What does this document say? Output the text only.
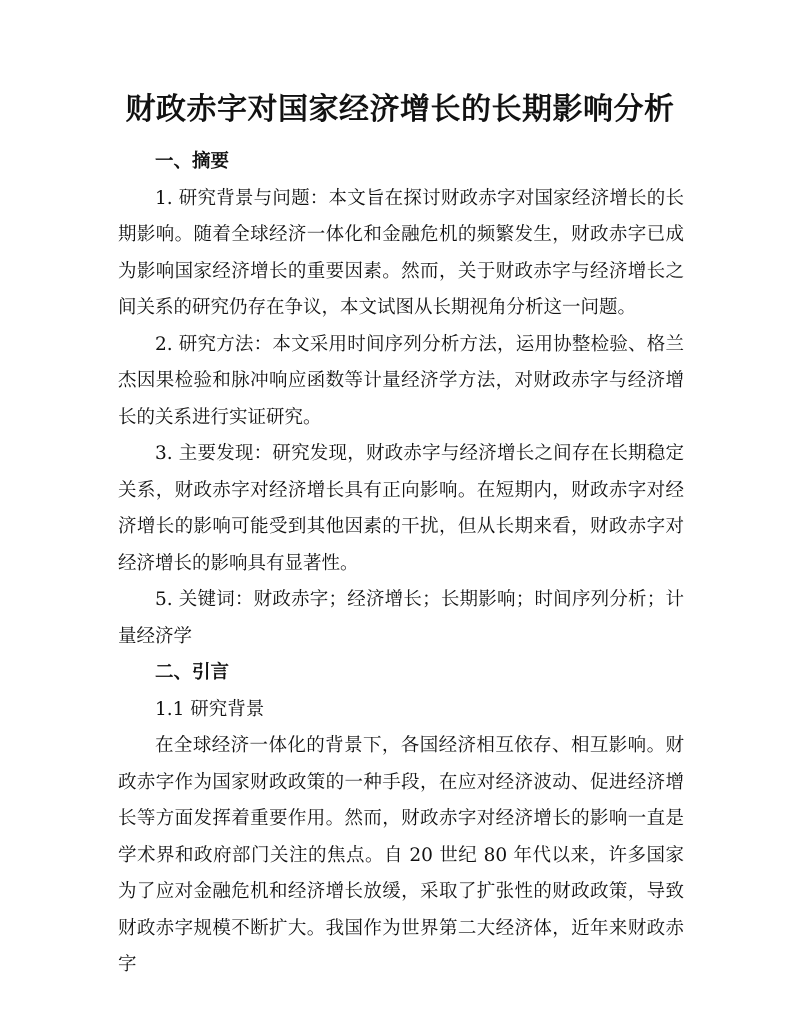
财政赤字对国家经济增长的长期影响分析

一、摘要

1. 研究背景与问题：本文旨在探讨财政赤字对国家经济增长的长期影响。随着全球经济一体化和金融危机的频繁发生，财政赤字已成为影响国家经济增长的重要因素。然而，关于财政赤字与经济增长之间关系的研究仍存在争议，本文试图从长期视角分析这一问题。

2. 研究方法：本文采用时间序列分析方法，运用协整检验、格兰杰因果检验和脉冲响应函数等计量经济学方法，对财政赤字与经济增长的关系进行实证研究。

3. 主要发现：研究发现，财政赤字与经济增长之间存在长期稳定关系，财政赤字对经济增长具有正向影响。在短期内，财政赤字对经济增长的影响可能受到其他因素的干扰，但从长期来看，财政赤字对经济增长的影响具有显著性。

5. 关键词：财政赤字；经济增长；长期影响；时间序列分析；计量经济学

二、引言

1.1 研究背景

在全球经济一体化的背景下，各国经济相互依存、相互影响。财政赤字作为国家财政政策的一种手段，在应对经济波动、促进经济增长等方面发挥着重要作用。然而，财政赤字对经济增长的影响一直是学术界和政府部门关注的焦点。自 20 世纪 80 年代以来，许多国家为了应对金融危机和经济增长放缓，采取了扩张性的财政政策，导致财政赤字规模不断扩大。我国作为世界第二大经济体，近年来财政赤字
